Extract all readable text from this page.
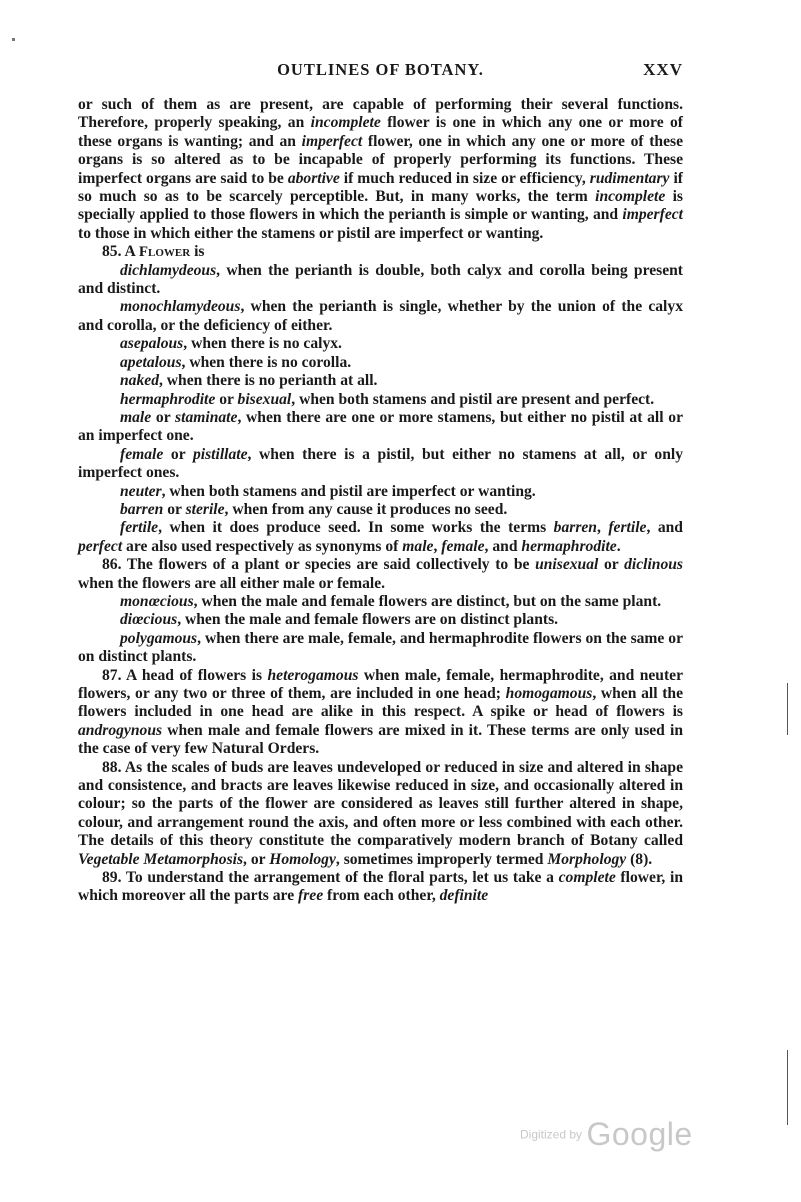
OUTLINES OF BOTANY.	XXV

or such of them as are present, are capable of performing their several functions. Therefore, properly speaking, an incomplete flower is one in which any one or more of these organs is wanting; and an imperfect flower, one in which any one or more of these organs is so altered as to be incapable of properly performing its functions. These imperfect organs are said to be abortive if much reduced in size or efficiency, rudimentary if so much so as to be scarcely perceptible. But, in many works, the term incomplete is specially applied to those flowers in which the perianth is simple or wanting, and imperfect to those in which either the stamens or pistil are imperfect or wanting.

85. A Flower is

dichlamydeous, when the perianth is double, both calyx and corolla being present and distinct.

monochlamydeous, when the perianth is single, whether by the union of the calyx and corolla, or the deficiency of either.

asepalous, when there is no calyx.

apetalous, when there is no corolla.

naked, when there is no perianth at all.

hermaphrodite or bisexual, when both stamens and pistil are present and perfect.

male or staminate, when there are one or more stamens, but either no pistil at all or an imperfect one.

female or pistillate, when there is a pistil, but either no stamens at all, or only imperfect ones.

neuter, when both stamens and pistil are imperfect or wanting.

barren or sterile, when from any cause it produces no seed.

fertile, when it does produce seed. In some works the terms barren, fertile, and perfect are also used respectively as synonyms of male, female, and hermaphrodite.

86. The flowers of a plant or species are said collectively to be unisexual or diclinous when the flowers are all either male or female.

monœcious, when the male and female flowers are distinct, but on the same plant.

diœcious, when the male and female flowers are on distinct plants.

polygamous, when there are male, female, and hermaphrodite flowers on the same or on distinct plants.

87. A head of flowers is heterogamous when male, female, hermaphrodite, and neuter flowers, or any two or three of them, are included in one head; homogamous, when all the flowers included in one head are alike in this respect. A spike or head of flowers is androgynous when male and female flowers are mixed in it. These terms are only used in the case of very few Natural Orders.

88. As the scales of buds are leaves undeveloped or reduced in size and altered in shape and consistence, and bracts are leaves likewise reduced in size, and occasionally altered in colour; so the parts of the flower are considered as leaves still further altered in shape, colour, and arrangement round the axis, and often more or less combined with each other. The details of this theory constitute the comparatively modern branch of Botany called Vegetable Metamorphosis, or Homology, sometimes improperly termed Morphology (8).

89. To understand the arrangement of the floral parts, let us take a complete flower, in which moreover all the parts are free from each other, definite

Digitized by Google
